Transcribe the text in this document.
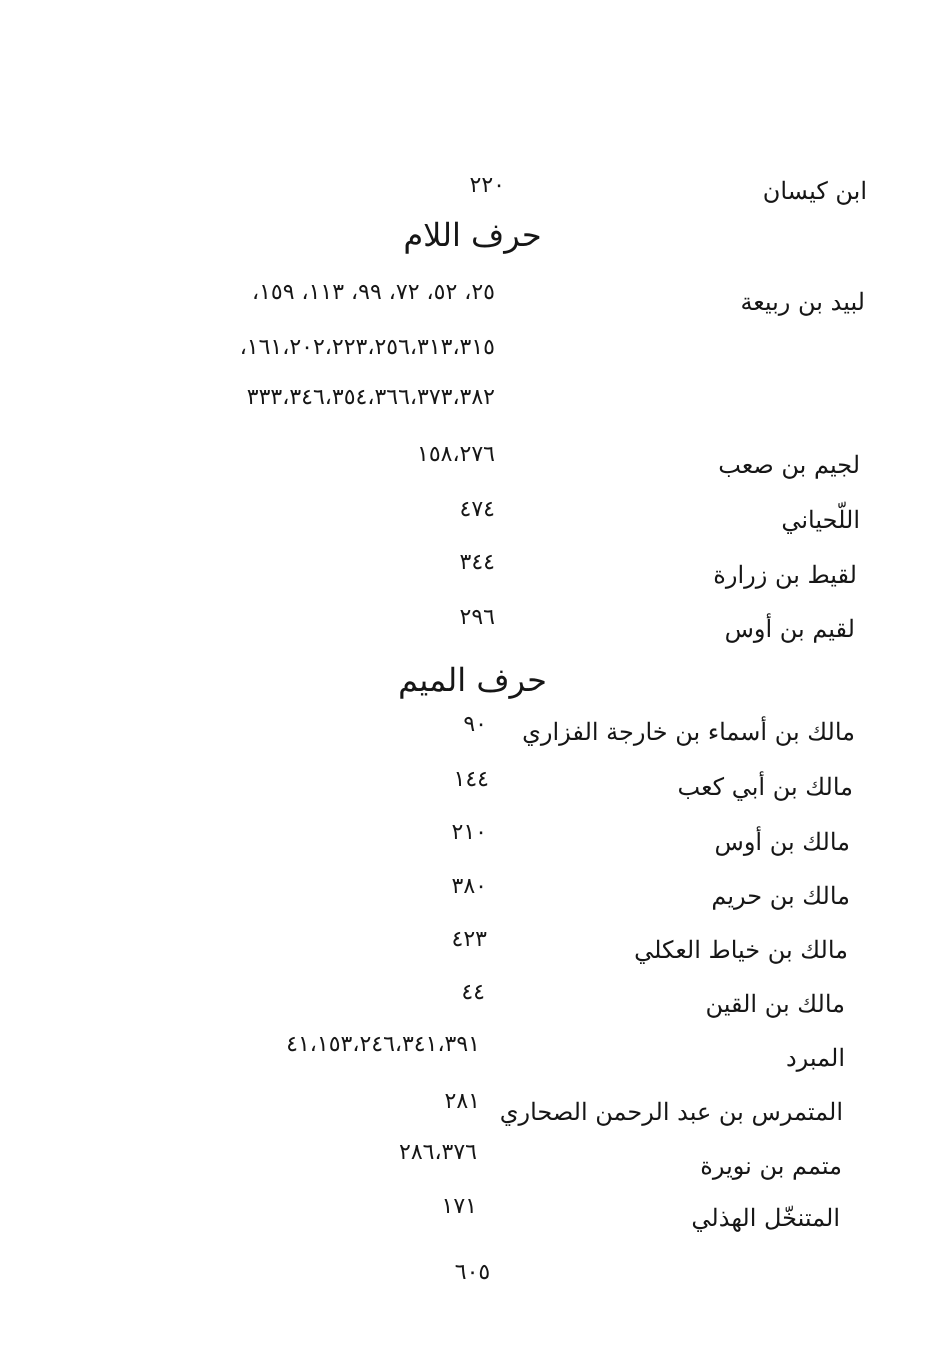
ابن كيسان
٢٢٠
حرف اللام
لبيد بن ربيعة
٢٥، ٥٢، ٧٢، ٩٩، ١١٣، ١٥٩،
١٦١،٢٠٢،٢٢٣،٢٥٦،٣١٣،٣١٥،
٣٣٣،٣٤٦،٣٥٤،٣٦٦،٣٧٣،٣٨٢
لجيم بن صعب
١٥٨،٢٧٦
اللّحياني
٤٧٤
لقيط بن زرارة
٣٤٤
لقيم بن أوس
٢٩٦
حرف الميم
مالك بن أسماء بن خارجة الفزاري
٩٠
مالك بن أبي كعب
١٤٤
مالك بن أوس
٢١٠
مالك بن حريم
٣٨٠
مالك بن خياط العكلي
٤٢٣
مالك بن القين
٤٤
المبرد
٤١،١٥٣،٢٤٦،٣٤١،٣٩١
المتمرس بن عبد الرحمن الصحاري
٢٨١
متمم بن نويرة
٢٨٦،٣٧٦
المتنخّل الهذلي
١٧١
٦٠٥
